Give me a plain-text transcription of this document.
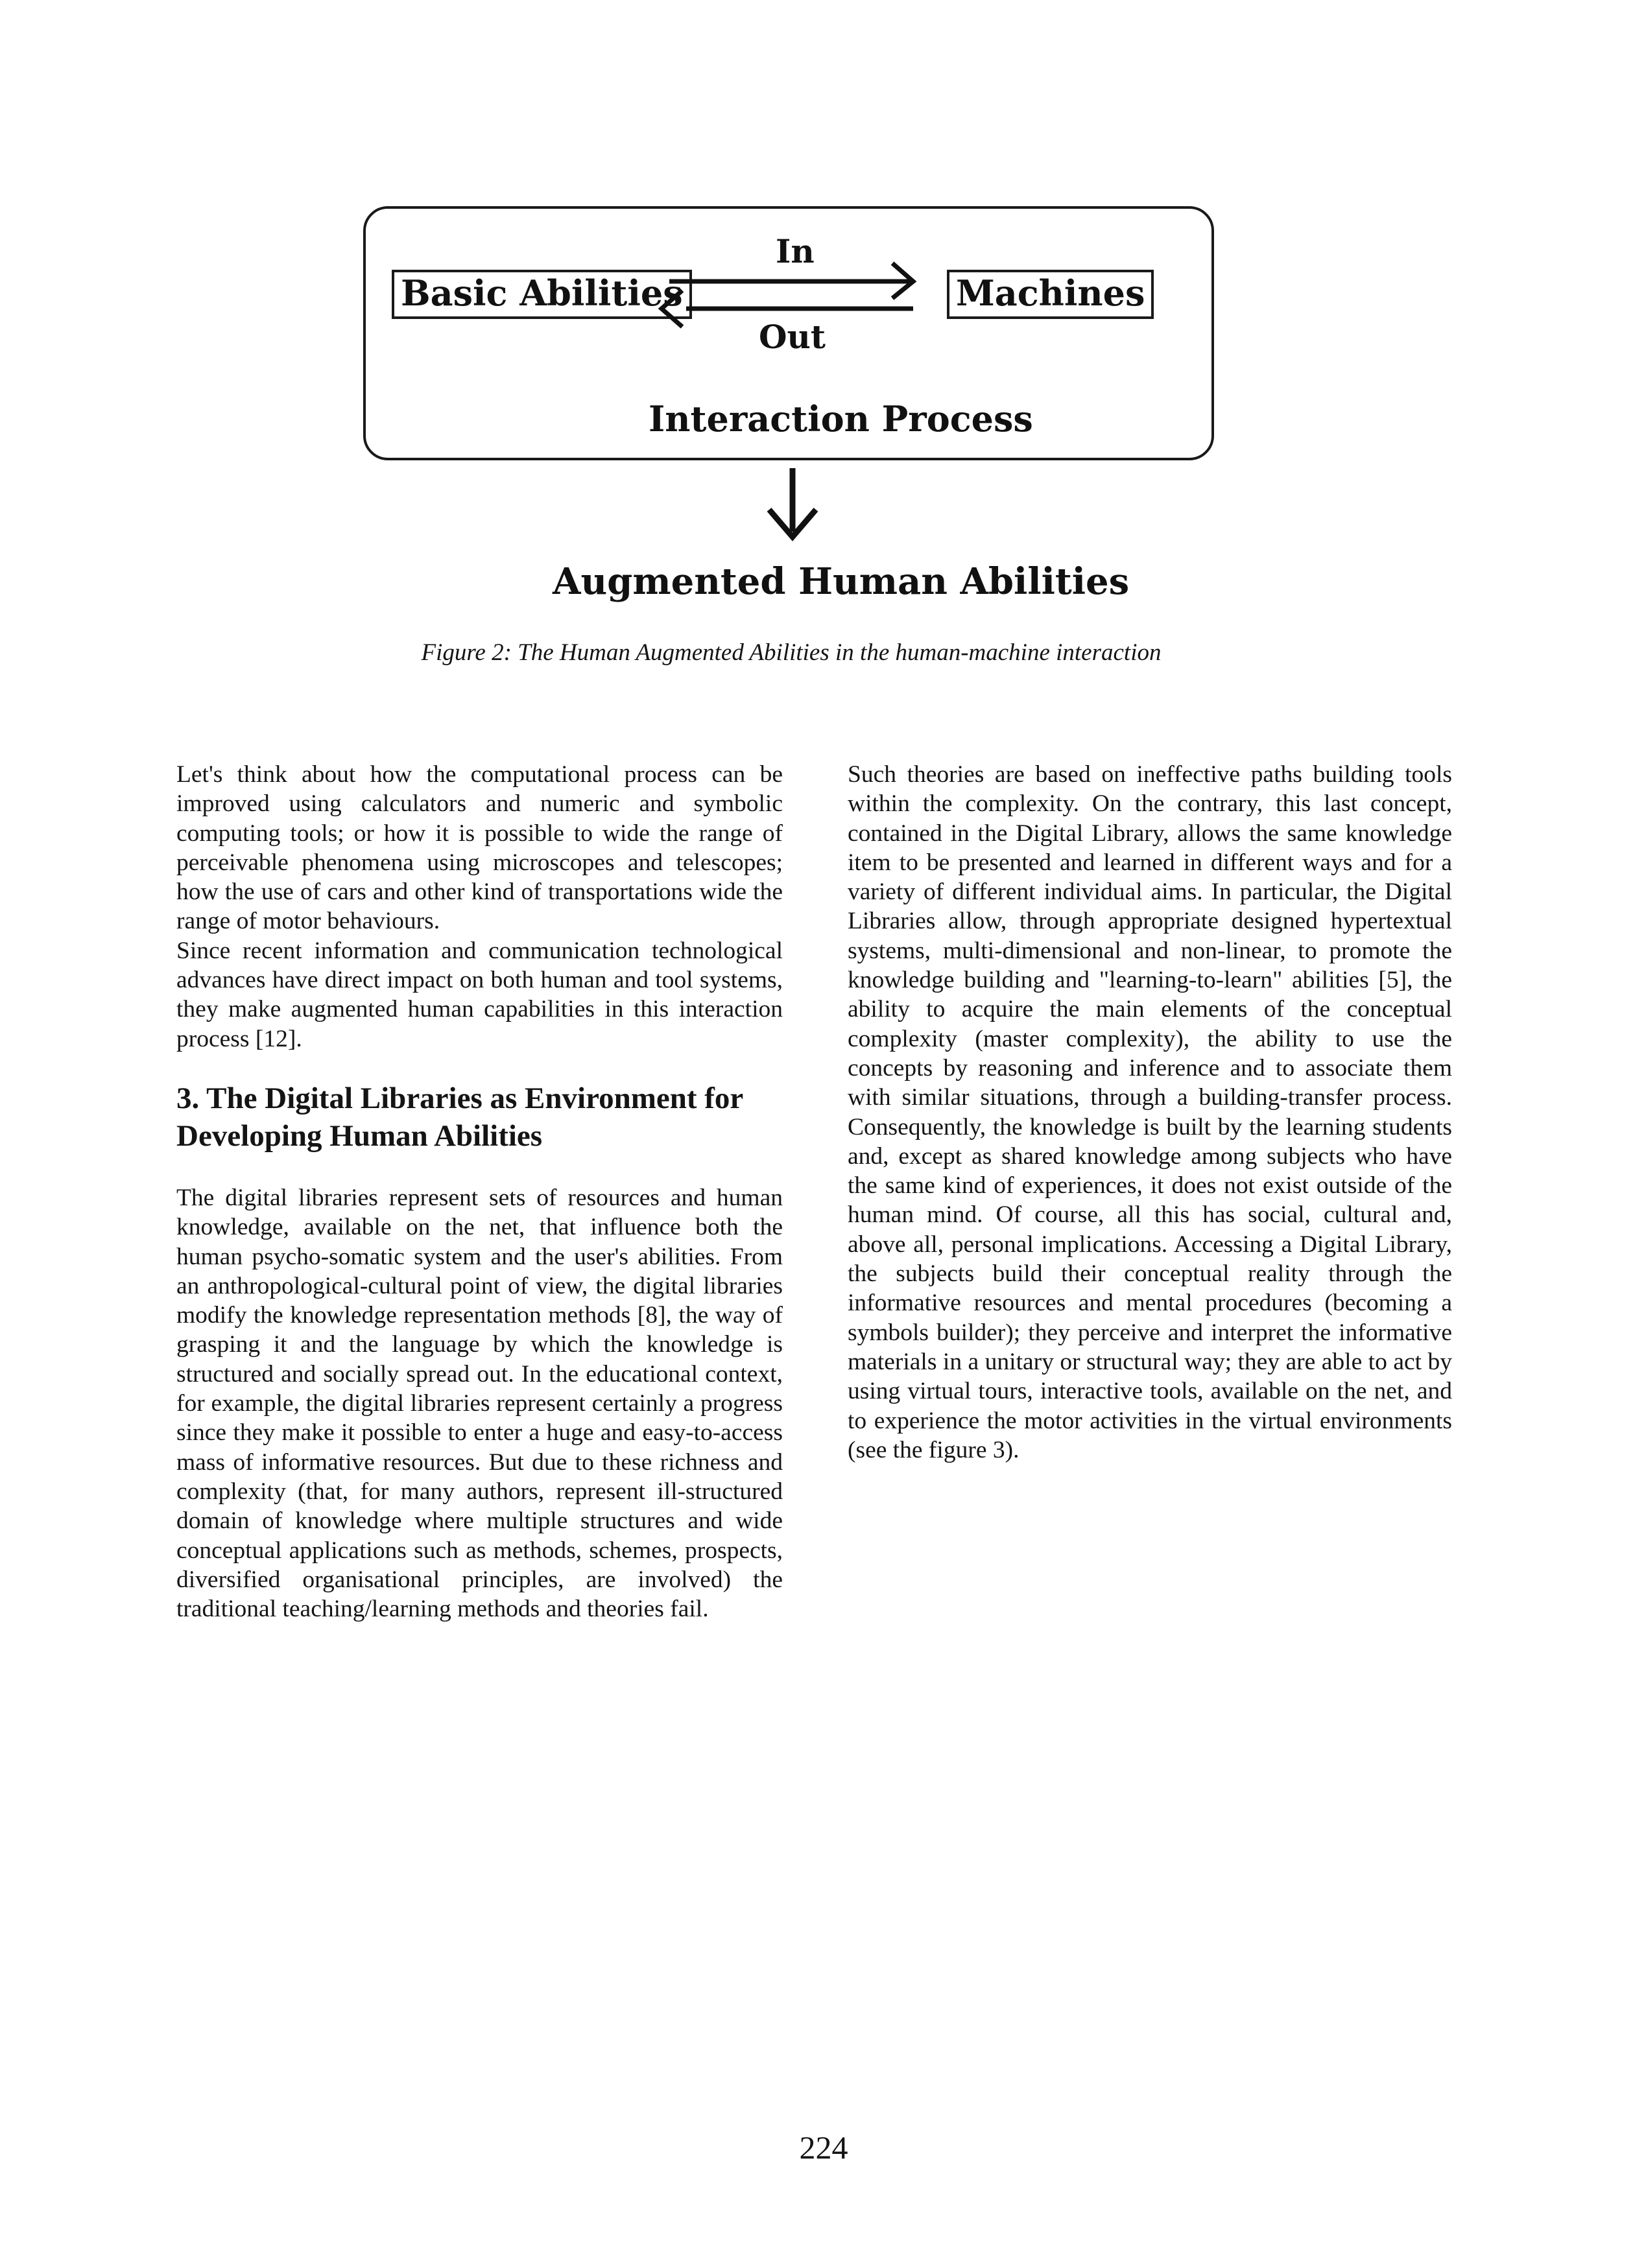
Basic Abilities	Machines
In
Out
Interaction Process
Augmented Human Abilities
Figure 2: The Human Augmented Abilities in the human-machine interaction

Let's think about how the computational process can be improved using calculators and numeric and symbolic computing tools; or how it is possible to wide the range of perceivable phenomena using microscopes and telescopes; how the use of cars and other kind of transportations wide the range of motor behaviours.

Since recent information and communication technological advances have direct impact on both human and tool systems, they make augmented human capabilities in this interaction process [12].

3. The Digital Libraries as Environment for Developing Human Abilities

The digital libraries represent sets of resources and human knowledge, available on the net, that influence both the human psycho-somatic system and the user's abilities. From an anthropological-cultural point of view, the digital libraries modify the knowledge representation methods [8], the way of grasping it and the language by which the knowledge is structured and socially spread out. In the educational context, for example, the digital libraries represent certainly a progress since they make it possible to enter a huge and easy-to-access mass of informative resources. But due to these richness and complexity (that, for many authors, represent ill-structured domain of knowledge where multiple structures and wide conceptual applications such as methods, schemes, prospects, diversified organisational principles, are involved) the traditional teaching/learning methods and theories fail.

Such theories are based on ineffective paths building tools within the complexity. On the contrary, this last concept, contained in the Digital Library, allows the same knowledge item to be presented and learned in different ways and for a variety of different individual aims. In particular, the Digital Libraries allow, through appropriate designed hypertextual systems, multi-dimensional and non-linear, to promote the knowledge building and "learning-to-learn" abilities [5], the ability to acquire the main elements of the conceptual complexity (master complexity), the ability to use the concepts by reasoning and inference and to associate them with similar situations, through a building-transfer process. Consequently, the knowledge is built by the learning students and, except as shared knowledge among subjects who have the same kind of experiences, it does not exist outside of the human mind. Of course, all this has social, cultural and, above all, personal implications. Accessing a Digital Library, the subjects build their conceptual reality through the informative resources and mental procedures (becoming a symbols builder); they perceive and interpret the informative materials in a unitary or structural way; they are able to act by using virtual tours, interactive tools, available on the net, and to experience the motor activities in the virtual environments (see the figure 3).

224
